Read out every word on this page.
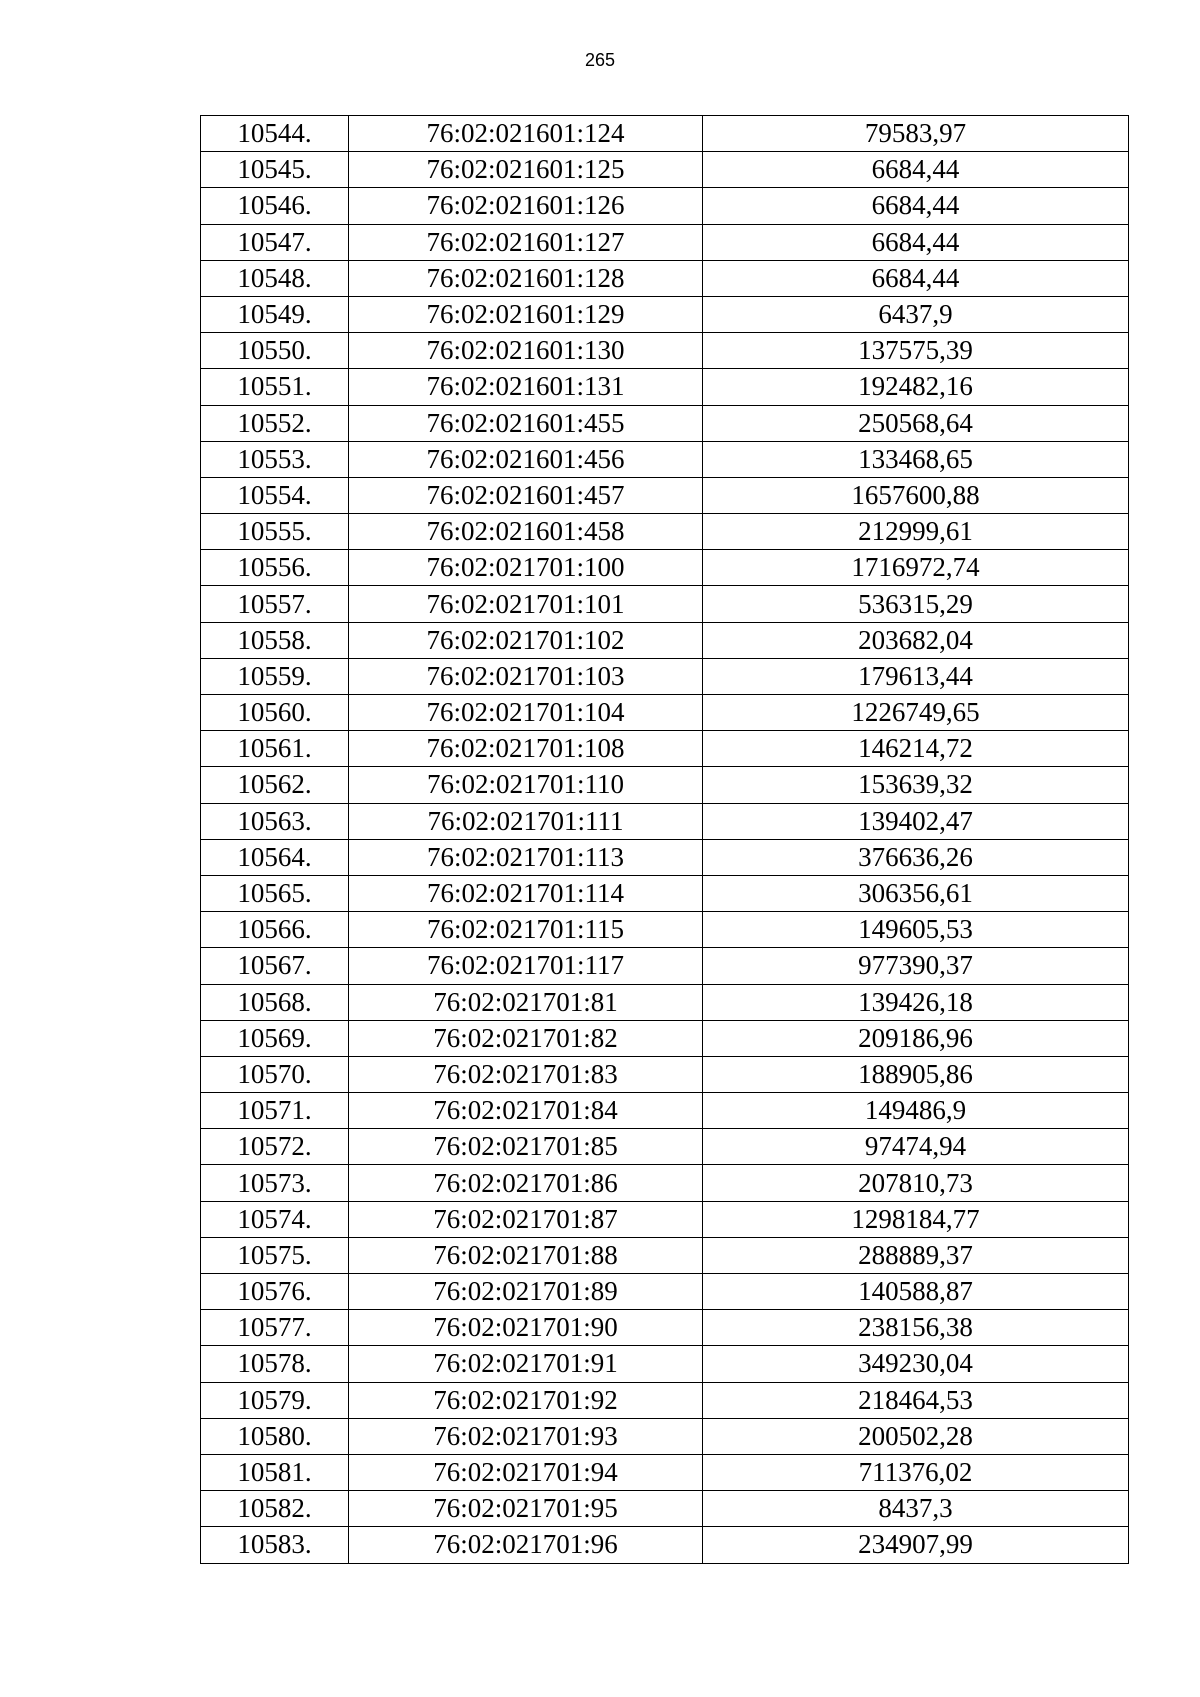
265
10544.	76:02:021601:124	79583,97
10545.	76:02:021601:125	6684,44
10546.	76:02:021601:126	6684,44
10547.	76:02:021601:127	6684,44
10548.	76:02:021601:128	6684,44
10549.	76:02:021601:129	6437,9
10550.	76:02:021601:130	137575,39
10551.	76:02:021601:131	192482,16
10552.	76:02:021601:455	250568,64
10553.	76:02:021601:456	133468,65
10554.	76:02:021601:457	1657600,88
10555.	76:02:021601:458	212999,61
10556.	76:02:021701:100	1716972,74
10557.	76:02:021701:101	536315,29
10558.	76:02:021701:102	203682,04
10559.	76:02:021701:103	179613,44
10560.	76:02:021701:104	1226749,65
10561.	76:02:021701:108	146214,72
10562.	76:02:021701:110	153639,32
10563.	76:02:021701:111	139402,47
10564.	76:02:021701:113	376636,26
10565.	76:02:021701:114	306356,61
10566.	76:02:021701:115	149605,53
10567.	76:02:021701:117	977390,37
10568.	76:02:021701:81	139426,18
10569.	76:02:021701:82	209186,96
10570.	76:02:021701:83	188905,86
10571.	76:02:021701:84	149486,9
10572.	76:02:021701:85	97474,94
10573.	76:02:021701:86	207810,73
10574.	76:02:021701:87	1298184,77
10575.	76:02:021701:88	288889,37
10576.	76:02:021701:89	140588,87
10577.	76:02:021701:90	238156,38
10578.	76:02:021701:91	349230,04
10579.	76:02:021701:92	218464,53
10580.	76:02:021701:93	200502,28
10581.	76:02:021701:94	711376,02
10582.	76:02:021701:95	8437,3
10583.	76:02:021701:96	234907,99
